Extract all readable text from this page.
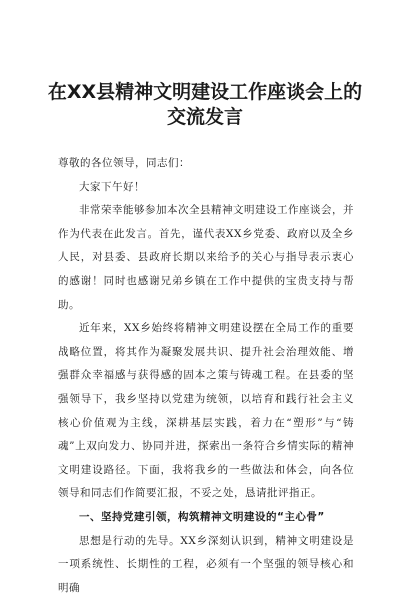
在XX县精神文明建设工作座谈会上的
交流发言

尊敬的各位领导，同志们：

大家下午好！

非常荣幸能够参加本次全县精神文明建设工作座谈会，并作为代表在此发言。首先，谨代表XX乡党委、政府以及全乡人民，对县委、县政府长期以来给予的关心与指导表示衷心的感谢！同时也感谢兄弟乡镇在工作中提供的宝贵支持与帮助。

近年来，XX乡始终将精神文明建设摆在全局工作的重要战略位置，将其作为凝聚发展共识、提升社会治理效能、增强群众幸福感与获得感的固本之策与铸魂工程。在县委的坚强领导下，我乡坚持以党建为统领，以培育和践行社会主义核心价值观为主线，深耕基层实践，着力在“塑形”与“铸魂”上双向发力、协同并进，探索出一条符合乡情实际的精神文明建设路径。下面，我将我乡的一些做法和体会，向各位领导和同志们作简要汇报，不妥之处，恳请批评指正。

一、坚持党建引领，构筑精神文明建设的“主心骨”

思想是行动的先导。XX乡深刻认识到，精神文明建设是一项系统性、长期性的工程，必须有一个坚强的领导核心和明确
